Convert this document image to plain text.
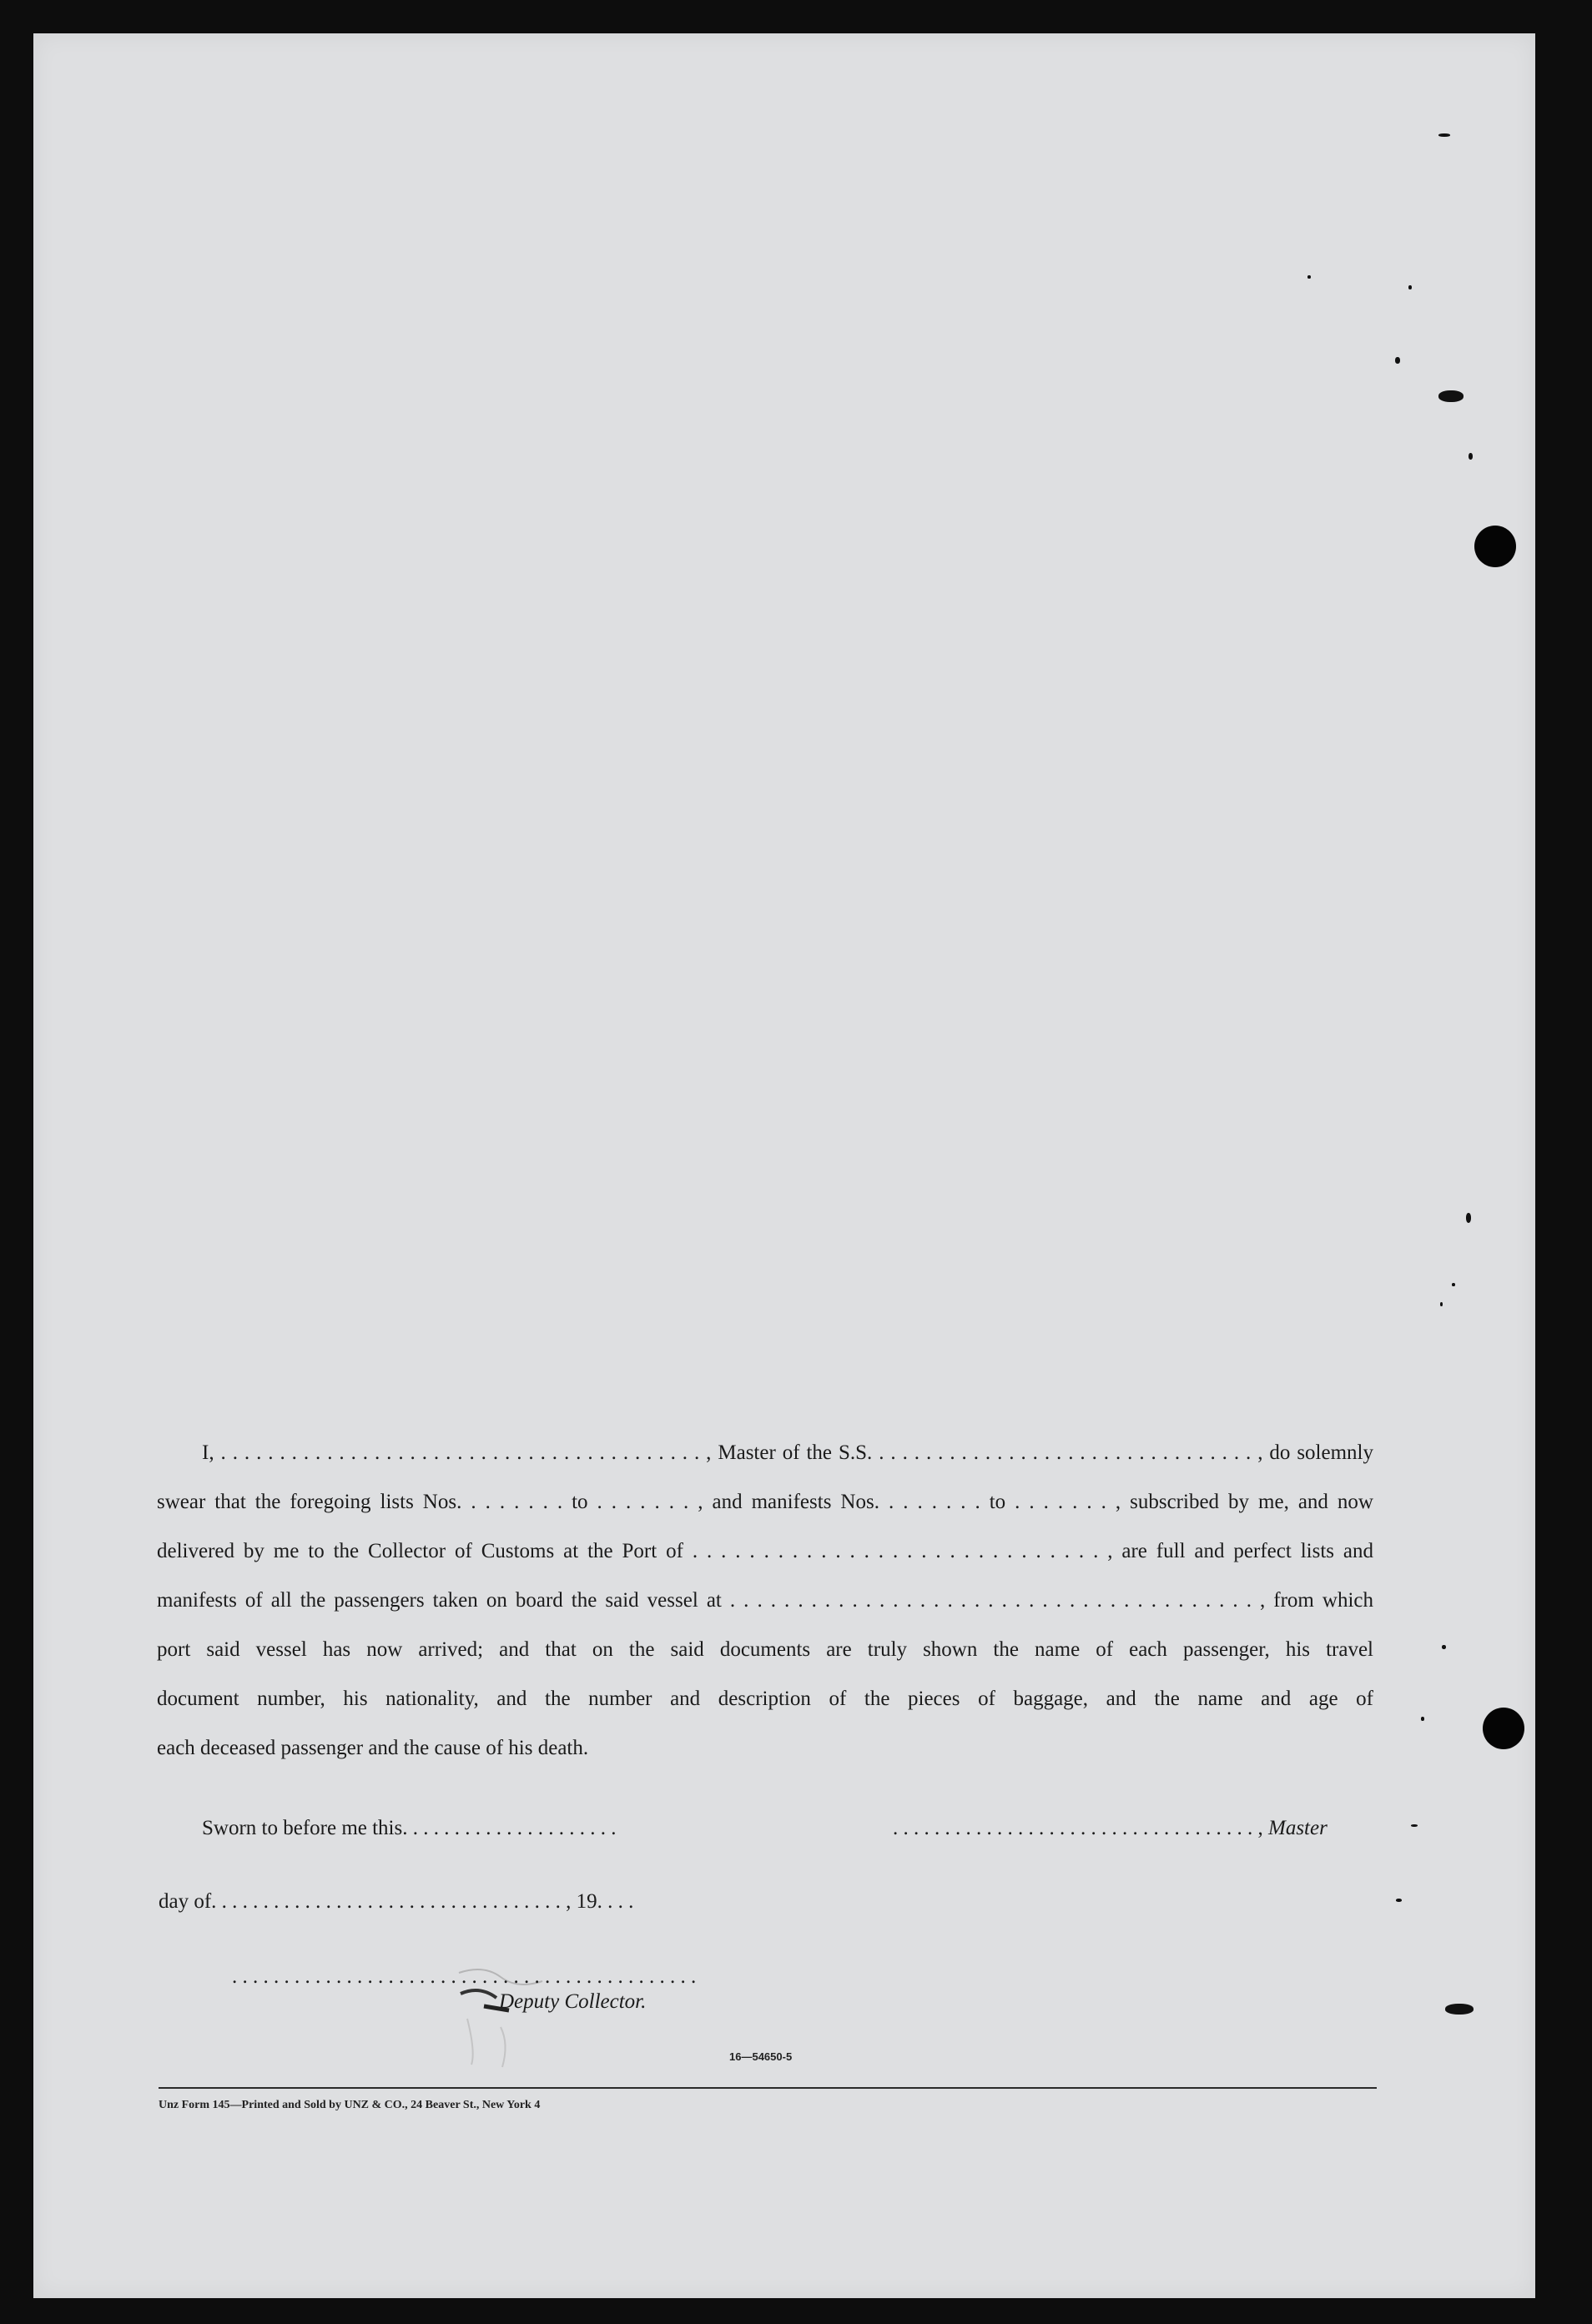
I, . . . . . . . . . . . . . . . . . . . . . . . . . . . . . . . . . . . . . . . . . , Master of the S.S. . . . . . . . . . . . . . . . . . . . . . . . . . . . . . . . . , do solemnly
swear that the foregoing lists Nos. . . . . . . . to . . . . . . . , and manifests Nos. . . . . . . . to . . . . . . . , subscribed by me, and now
delivered by me to the Collector of Customs at the Port of . . . . . . . . . . . . . . . . . . . . . . . . . . . . . , are full and perfect lists and
manifests of all the passengers taken on board the said vessel at . . . . . . . . . . . . . . . . . . . . . . . . . . . . . . . . . . . . . . . , from which
port said vessel has now arrived; and that on the said documents are truly shown the name of each passenger, his travel
document number, his nationality, and the number and description of the pieces of baggage, and the name and age of
each deceased passenger and the cause of his death.
Sworn to before me this. . . . . . . . . . . . . . . . . . . . .	. . . . . . . . . . . . . . . . . . . . . . . . . . . . . . . . . . . , Master
day of. . . . . . . . . . . . . . . . . . . . . . . . . . . . . . . . . . , 19. . . .
. . . . . . . . . . . . . . . . . . . . . . . . . . . . . . . . . . . . . . . . . . . . .
Deputy Collector.
16—54650-5
Unz Form 145—Printed and Sold by UNZ & CO., 24 Beaver St., New York 4
